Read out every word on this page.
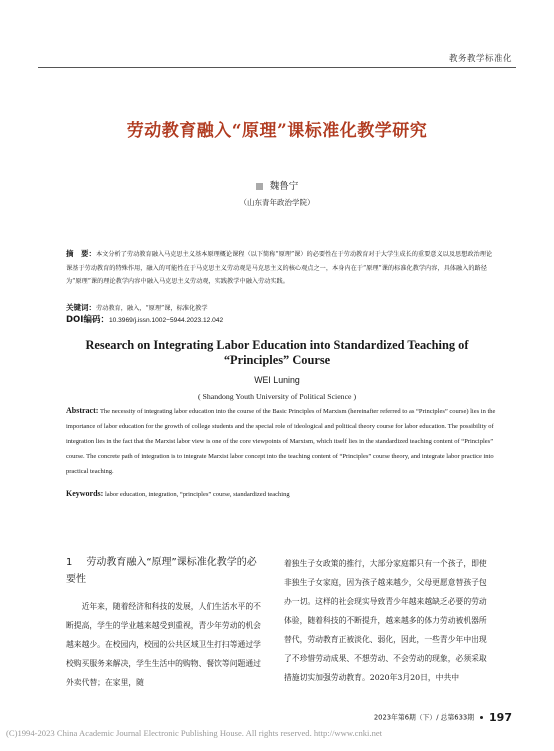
教务教学标准化
劳动教育融入“原理”课标准化教学研究
魏鲁宁
（山东青年政治学院）
摘　要：本文分析了劳动教育融入马克思主义基本原理概论课程（以下简称“原理”课）的必要性在于劳动教育对于大学生成长的重要意义以及思想政治理论课基于劳动教育的特殊作用，融入的可能性在于马克思主义劳动观是马克思主义的核心观点之一，本身内在于“原理”课的标准化教学内容，具体融入的路径为“原理”课的理论教学内容中融入马克思主义劳动观，实践教学中融入劳动实践。
关键词：劳动教育，融入，“原理”课，标准化教学
DOI编码：10.3969/j.issn.1002−5944.2023.12.042
Research on Integrating Labor Education into Standardized Teaching of “Principles” Course
WEI Luning
( Shandong Youth University of Political Science )
Abstract: The necessity of integrating labor education into the course of the Basic Principles of Marxism (hereinafter referred to as “Principles” course) lies in the importance of labor education for the growth of college students and the special role of ideological and political theory course for labor education. The possibility of integration lies in the fact that the Marxist labor view is one of the core viewpoints of Marxism, which itself lies in the standardized teaching content of “Principles” course. The concrete path of integration is to integrate Marxist labor concept into the teaching content of “Principles” course theory, and integrate labor practice into practical teaching.
Keywords: labor education, integration, “principles” course, standardized teaching
1 劳动教育融入“原理”课标准化教学的必要性
近年来，随着经济和科技的发展，人们生活水平的不断提高，学生的学业越来越受到重视，青少年劳动的机会越来越少。在校园内，校园的公共区域卫生打扫等通过学校购买服务来解决，学生生活中的购物、餐饮等问题通过外卖代替；在家里，随
着独生子女政策的推行，大部分家庭都只有一个孩子，即使非独生子女家庭，因为孩子越来越少，父母更愿意替孩子包办一切。这样的社会现实导致青少年越来越缺乏必要的劳动体验，随着科技的不断提升，越来越多的体力劳动被机器所替代，劳动教育正被淡化、弱化，因此，一些青少年中出现了不珍惜劳动成果、不想劳动、不会劳动的现象，必须采取措施切实加强劳动教育。2020年3月20日，中共中
2023年第6期（下）/ 总第633期 197
(C)1994-2023 China Academic Journal Electronic Publishing House. All rights reserved. http://www.cnki.net
